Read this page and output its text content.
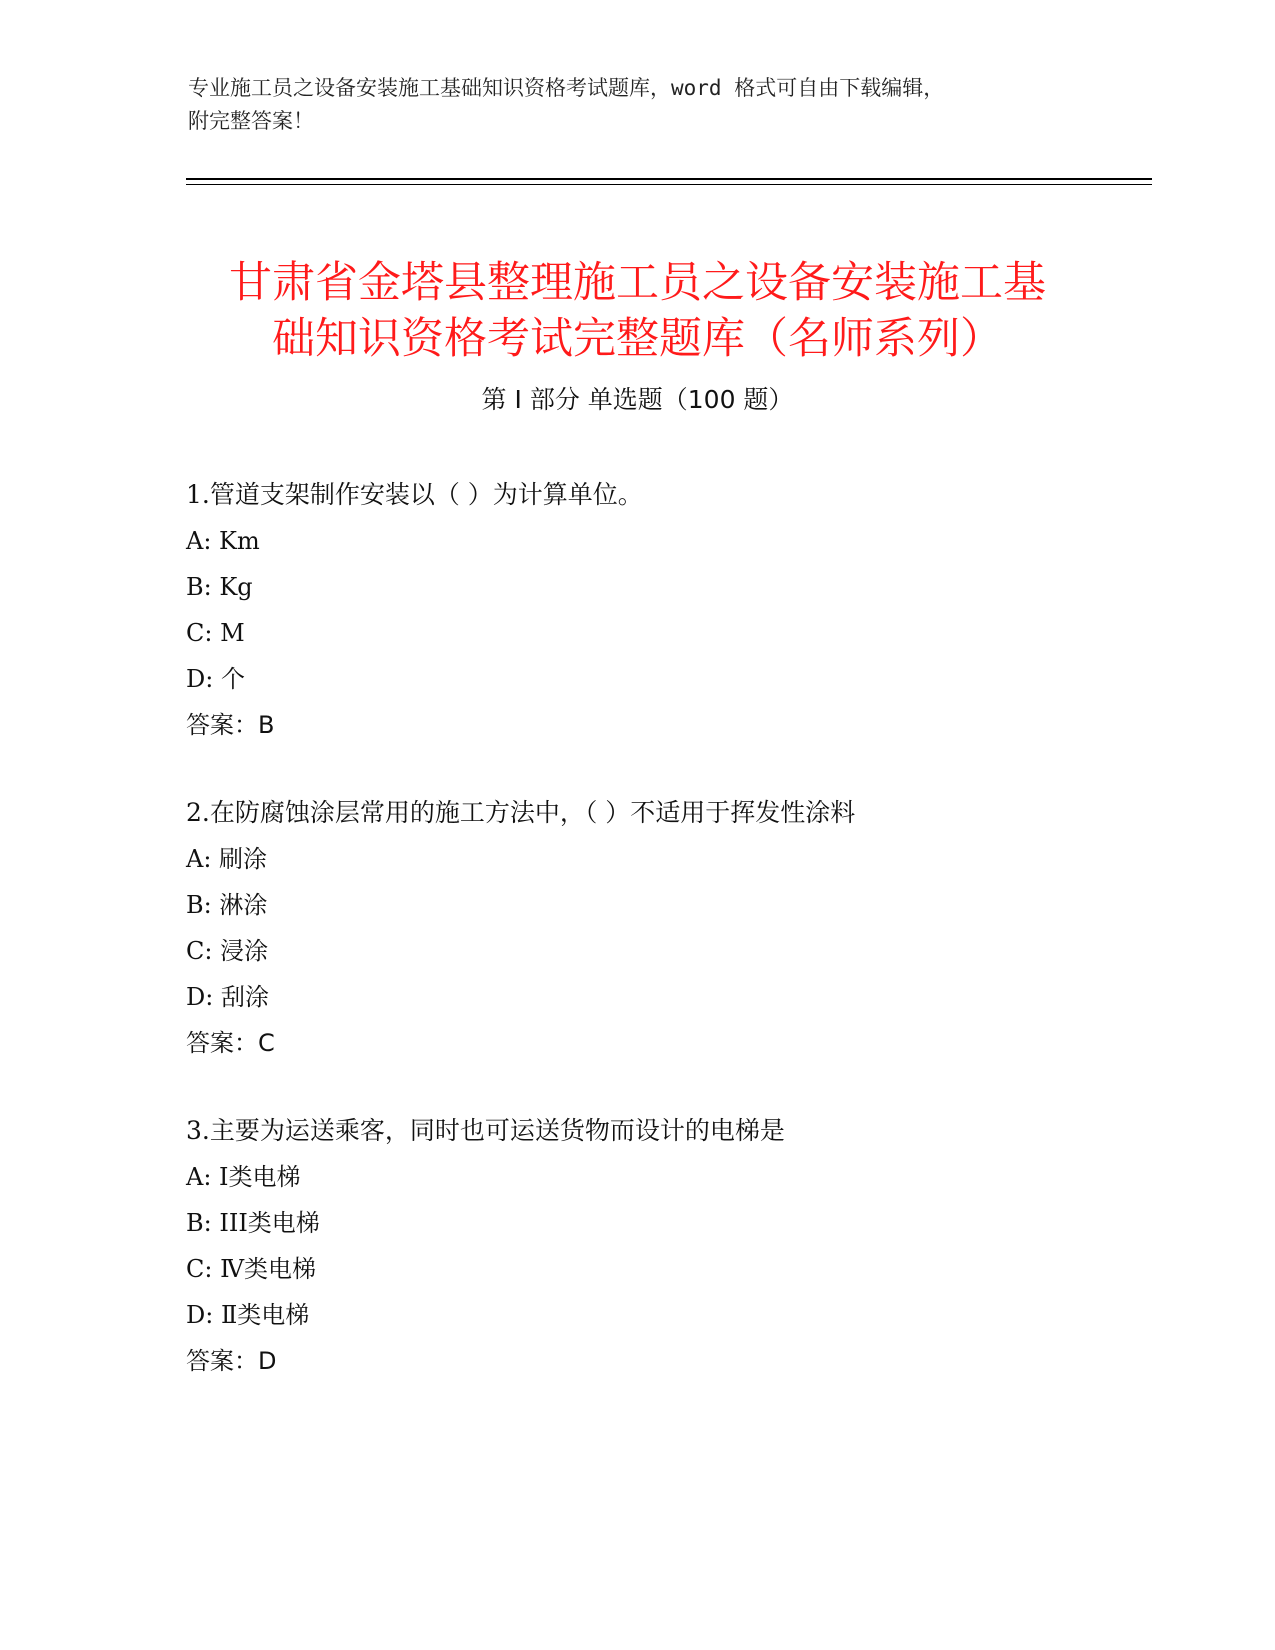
专业施工员之设备安装施工基础知识资格考试题库，word 格式可自由下载编辑，
附完整答案！
甘肃省金塔县整理施工员之设备安装施工基
础知识资格考试完整题库（名师系列）
第 I 部分 单选题（100 题）
1.管道支架制作安装以（ ）为计算单位。
A: Km
B: Kg
C: M
D: 个
答案：B
2.在防腐蚀涂层常用的施工方法中，（ ）不适用于挥发性涂料
A: 刷涂
B: 淋涂
C: 浸涂
D: 刮涂
答案：C
3.主要为运送乘客，同时也可运送货物而设计的电梯是
A: Ⅰ类电梯
B: III类电梯
C: Ⅳ类电梯
D: Ⅱ类电梯
答案：D
